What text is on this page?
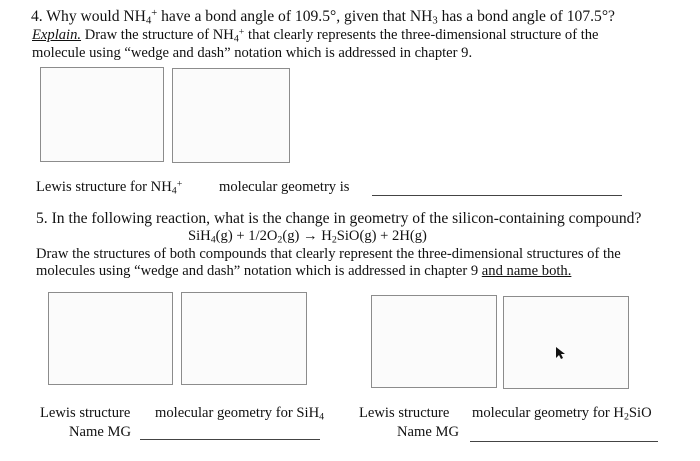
4. Why would $NH_4^+$ have a bond angle of 109.5°, given that $NH_3$ has a bond angle of 107.5°?
Explain. Draw the structure of $NH_4^+$ that clearly represents the three-dimensional structure of the
molecule using “wedge and dash” notation which is addressed in chapter 9.
Lewis structure for $NH_4^+$	molecular geometry is
5. In the following reaction, what is the change in geometry of the silicon-containing compound?
$SiH_4(g) + 1/2O_2(g) \to H_2SiO(g) + 2H(g)$
Draw the structures of both compounds that clearly represent the three-dimensional structures of the
molecules using “wedge and dash” notation which is addressed in chapter 9 and name both.
Lewis structure molecular geometry for SiH$_4$ Lewis structure molecular geometry for $H_2SiO$
Name MG	Name MG
